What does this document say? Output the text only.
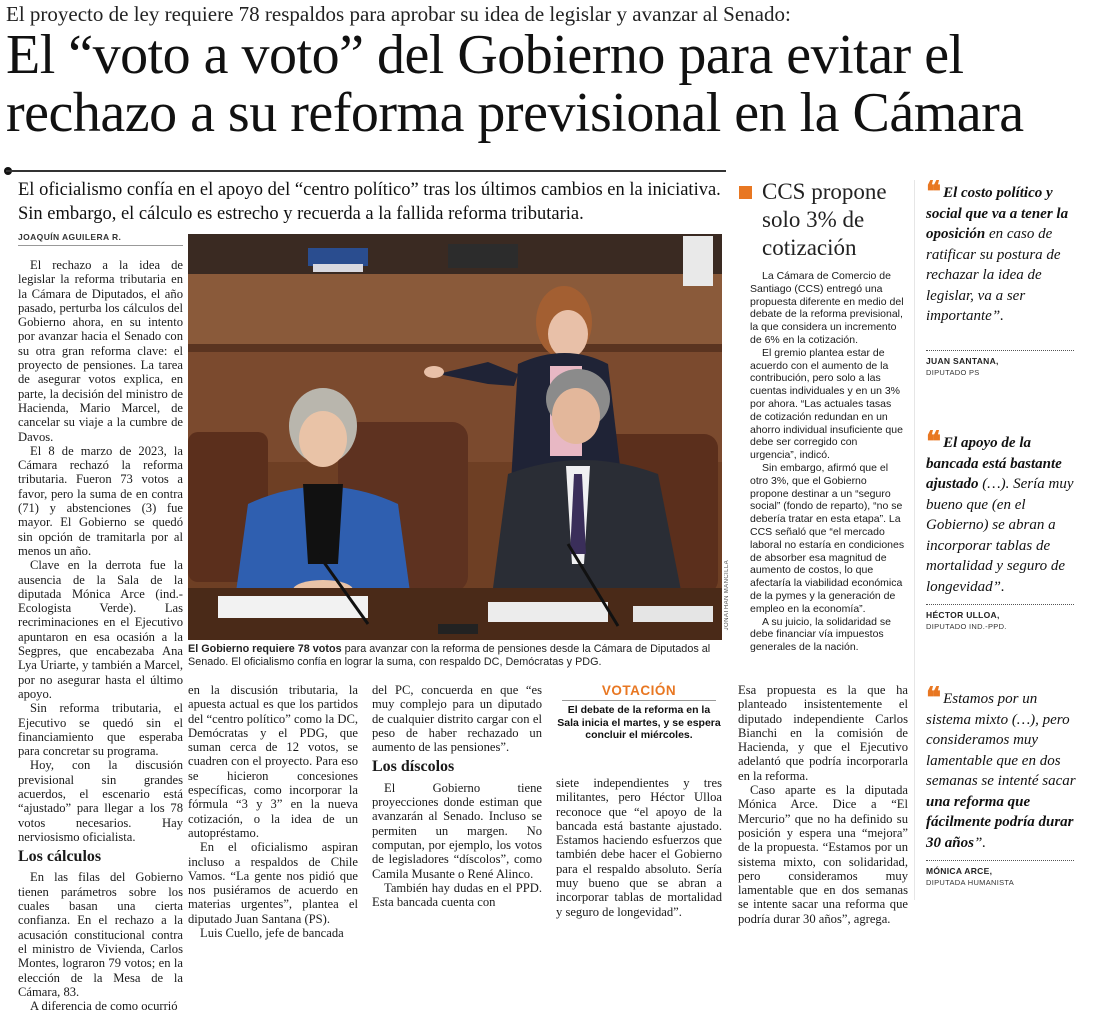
El proyecto de ley requiere 78 respaldos para aprobar su idea de legislar y avanzar al Senado:
El “voto a voto” del Gobierno para evitar el rechazo a su reforma previsional en la Cámara
El oficialismo confía en el apoyo del “centro político” tras los últimos cambios en la iniciativa. Sin embargo, el cálculo es estrecho y recuerda a la fallida reforma tributaria.
JOAQUÍN AGUILERA R.

El rechazo a la idea de legislar la reforma tributaria en la Cámara de Diputados, el año pasado, perturba los cálculos del Gobierno ahora, en su intento por avanzar hacia el Senado con su otra gran reforma clave: el proyecto de pensiones. La tarea de asegurar votos explica, en parte, la decisión del ministro de Hacienda, Mario Marcel, de cancelar su viaje a la cumbre de Davos.

El 8 de marzo de 2023, la Cámara rechazó la reforma tributaria. Fueron 73 votos a favor, pero la suma de en contra (71) y abstenciones (3) fue mayor. El Gobierno se quedó sin opción de tramitarla por al menos un año.

Clave en la derrota fue la ausencia de la Sala de la diputada Mónica Arce (ind.-Ecologista Verde). Las recriminaciones en el Ejecutivo apuntaron en esa ocasión a la Segpres, que encabezaba Ana Lya Uriarte, y también a Marcel, por no asegurar hasta el último apoyo.

Sin reforma tributaria, el Ejecutivo se quedó sin el financiamiento que esperaba para concretar su programa.

Hoy, con la discusión previsional sin grandes acuerdos, el escenario está “ajustado” para llegar a los 78 votos necesarios. Hay nerviosismo oficialista.

Los cálculos

En las filas del Gobierno tienen parámetros sobre los cuales basan una cierta confianza. En el rechazo a la acusación constitucional contra el ministro de Vivienda, Carlos Montes, lograron 79 votos; en la elección de la Mesa de la Cámara, 83.

A diferencia de como ocurrió

JONATHAN MANCILLA
El Gobierno requiere 78 votos para avanzar con la reforma de pensiones desde la Cámara de Diputados al Senado. El oficialismo confía en lograr la suma, con respaldo DC, Demócratas y PDG.

en la discusión tributaria, la apuesta actual es que los partidos del “centro político” como la DC, Demócratas y el PDG, que suman cerca de 12 votos, se cuadren con el proyecto. Para eso se hicieron concesiones específicas, como incorporar la fórmula “3 y 3” en la nueva cotización, o la idea de un autopréstamo.

En el oficialismo aspiran incluso a respaldos de Chile Vamos. “La gente nos pidió que nos pusiéramos de acuerdo en materias urgentes”, plantea el diputado Juan Santana (PS).

Luis Cuello, jefe de bancada

del PC, concuerda en que “es muy complejo para un diputado de cualquier distrito cargar con el peso de haber rechazado un aumento de las pensiones”.

Los díscolos

El Gobierno tiene proyecciones donde estiman que avanzarán al Senado. Incluso se permiten un margen. No computan, por ejemplo, los votos de legisladores “díscolos”, como Camila Musante o René Alinco.

También hay dudas en el PPD. Esta bancada cuenta con

VOTACIÓN
El debate de la reforma en la Sala inicia el martes, y se espera concluir el miércoles.

siete independientes y tres militantes, pero Héctor Ulloa reconoce que “el apoyo de la bancada está bastante ajustado. Estamos haciendo esfuerzos que también debe hacer el Gobierno para el respaldo absoluto. Sería muy bueno que se abran a incorporar tablas de mortalidad y seguro de longevidad”.

Esa propuesta es la que ha planteado insistentemente el diputado independiente Carlos Bianchi en la comisión de Hacienda, y que el Ejecutivo adelantó que podría incorporarla en la reforma.

Caso aparte es la diputada Mónica Arce. Dice a “El Mercurio” que no ha definido su posición y espera una “mejora” de la propuesta. “Estamos por un sistema mixto, con solidaridad, pero consideramos muy lamentable que en dos semanas se intente sacar una reforma que podría durar 30 años”, agrega.

CCS propone solo 3% de cotización

La Cámara de Comercio de Santiago (CCS) entregó una propuesta diferente en medio del debate de la reforma previsional, la que considera un incremento de 6% en la cotización.

El gremio plantea estar de acuerdo con el aumento de la contribución, pero solo a las cuentas individuales y en un 3% por ahora. “Las actuales tasas de cotización redundan en un ahorro individual insuficiente que debe ser corregido con urgencia”, indicó.

Sin embargo, afirmó que el otro 3%, que el Gobierno propone destinar a un “seguro social” (fondo de reparto), “no se debería tratar en esta etapa”. La CCS señaló que “el mercado laboral no estaría en condiciones de absorber esa magnitud de aumento de costos, lo que afectaría la viabilidad económica de la pymes y la generación de empleo en la economía”.

A su juicio, la solidaridad se debe financiar vía impuestos generales de la nación.

❝ El costo político y social que va a tener la oposición en caso de ratificar su postura de rechazar la idea de legislar, va a ser importante”.
JUAN SANTANA,
DIPUTADO PS
❝ El apoyo de la bancada está bastante ajustado (…). Sería muy bueno que (en el Gobierno) se abran a incorporar tablas de mortalidad y seguro de longevidad”.
HÉCTOR ULLOA,
DIPUTADO IND.-PPD.
❝ Estamos por un sistema mixto (…), pero consideramos muy lamentable que en dos semanas se intenté sacar una reforma que fácilmente podría durar 30 años”.
MÓNICA ARCE,
DIPUTADA HUMANISTA
